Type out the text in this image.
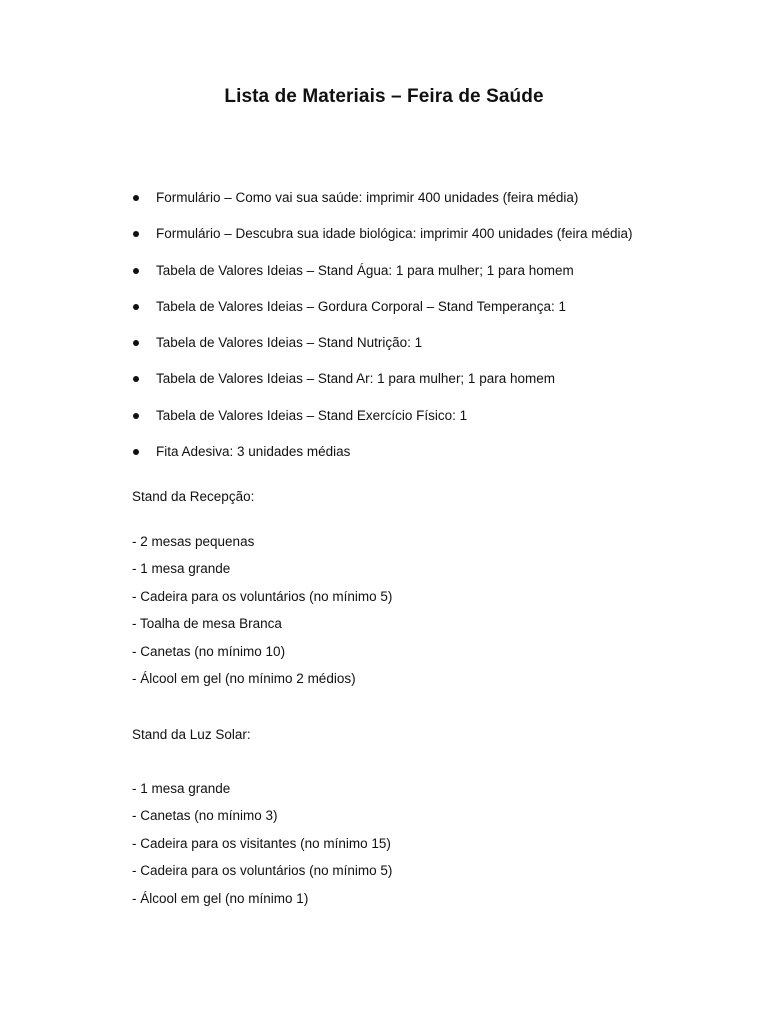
Lista de Materiais – Feira de Saúde
Formulário – Como vai sua saúde: imprimir 400 unidades (feira média)
Formulário – Descubra sua idade biológica: imprimir 400 unidades (feira média)
Tabela de Valores Ideias – Stand Água: 1 para mulher; 1 para homem
Tabela de Valores Ideias – Gordura Corporal – Stand Temperança: 1
Tabela de Valores Ideias – Stand Nutrição: 1
Tabela de Valores Ideias – Stand Ar: 1 para mulher; 1 para homem
Tabela de Valores Ideias – Stand Exercício Físico: 1
Fita Adesiva: 3 unidades médias

Stand da Recepção:

- 2 mesas pequenas
- 1 mesa grande
- Cadeira para os voluntários (no mínimo 5)
- Toalha de mesa Branca
- Canetas (no mínimo 10)
- Álcool em gel (no mínimo 2 médios)

Stand da Luz Solar:

- 1 mesa grande
- Canetas (no mínimo 3)
- Cadeira para os visitantes (no mínimo 15)
- Cadeira para os voluntários (no mínimo 5)
- Álcool em gel (no mínimo 1)
